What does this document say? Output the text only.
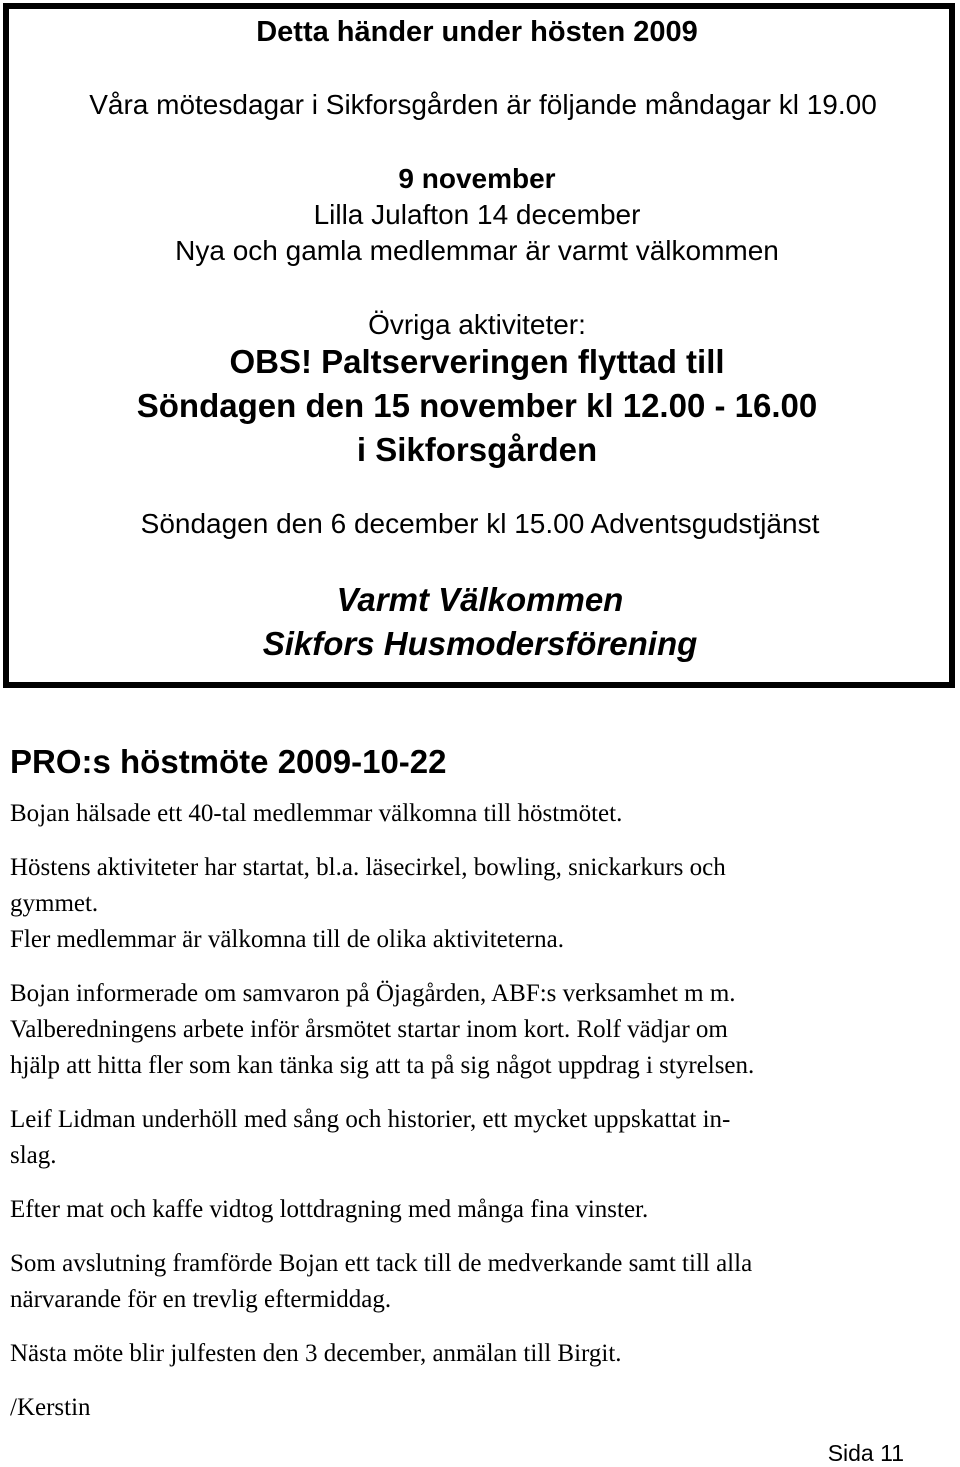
Detta händer under hösten 2009
Våra mötesdagar i Sikforsgården är följande måndagar kl 19.00
9 november
Lilla Julafton 14 december
Nya och gamla medlemmar är varmt välkommen
Övriga aktiviteter:
OBS! Paltserveringen flyttad till
Söndagen den 15 november kl 12.00 - 16.00
i Sikforsgården
Söndagen den 6 december kl 15.00 Adventsgudstjänst
Varmt Välkommen
Sikfors Husmodersförening
PRO:s höstmöte 2009-10-22
Bojan hälsade ett 40-tal medlemmar välkomna till höstmötet.
Höstens aktiviteter har startat, bl.a. läsecirkel, bowling, snickarkurs och
gymmet.
Fler medlemmar är välkomna till de olika aktiviteterna.
Bojan informerade om samvaron på Öjagården, ABF:s verksamhet m m.
Valberedningens arbete inför årsmötet startar inom kort. Rolf vädjar om
hjälp att hitta fler som kan tänka sig att ta på sig något uppdrag i styrelsen.
Leif Lidman underhöll med sång och historier, ett mycket uppskattat in-
slag.
Efter mat och kaffe vidtog lottdragning med många fina vinster.
Som avslutning framförde Bojan ett tack till de medverkande samt till alla
närvarande för en trevlig eftermiddag.
Nästa möte blir julfesten den 3 december, anmälan till Birgit.
/Kerstin
Sida 11
